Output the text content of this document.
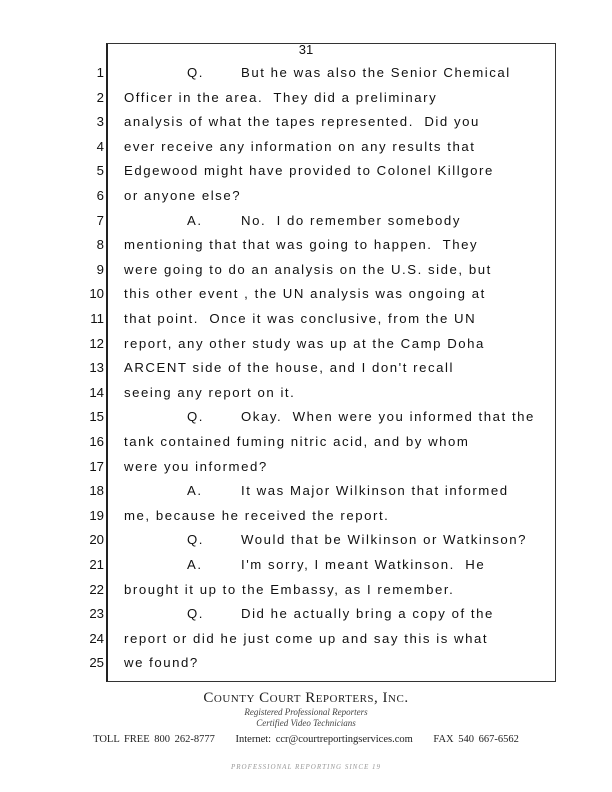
31
1	Q.	But he was also the Senior Chemical
2 Officer in the area.  They did a preliminary
3 analysis of what the tapes represented.  Did you
4 ever receive any information on any results that
5 Edgewood might have provided to Colonel Killgore
6 or anyone else?
7	A.	No.  I do remember somebody
8 mentioning that that was going to happen.  They
9 were going to do an analysis on the U.S. side, but
10 this other event , the UN analysis was ongoing at
11 that point.  Once it was conclusive, from the UN
12 report, any other study was up at the Camp Doha
13 ARCENT side of the house, and I don't recall
14 seeing any report on it.
15	Q.	Okay.  When were you informed that the
16 tank contained fuming nitric acid, and by whom
17 were you informed?
18	A.	It was Major Wilkinson that informed
19 me, because he received the report.
20	Q.	Would that be Wilkinson or Watkinson?
21	A.	I'm sorry, I meant Watkinson.  He
22 brought it up to the Embassy, as I remember.
23	Q.	Did he actually bring a copy of the
24 report or did he just come up and say this is what
25 we found?
County Court Reporters, Inc.
Registered Professional Reporters
Certified Video Technicians
TOLL FREE 800 262-8777 Internet: ccr@courtreportingservices.com FAX 540 667-6562
PROFESSIONAL REPORTING SINCE 19
